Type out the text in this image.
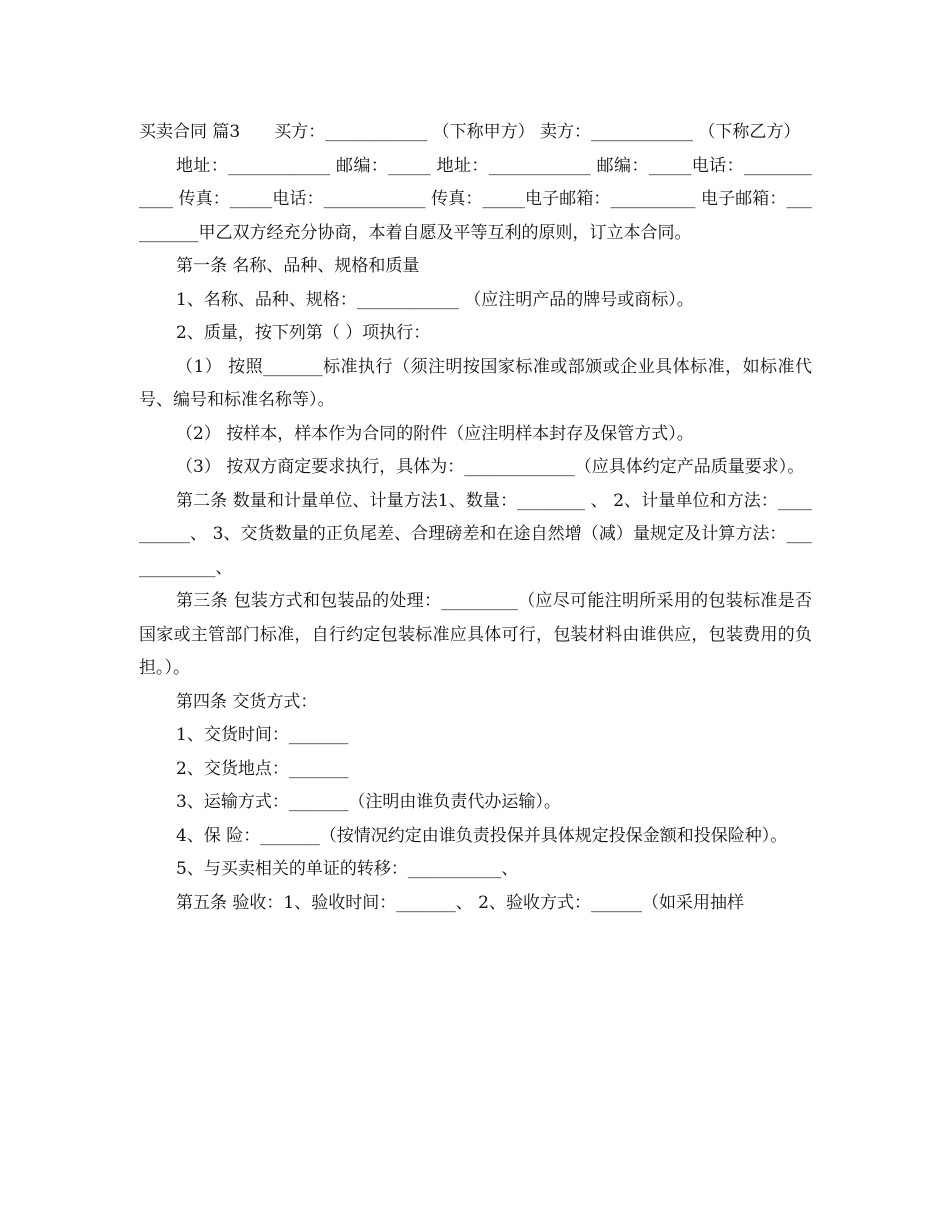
买卖合同 篇3　　买方：____________ （下称甲方） 卖方：____________ （下称乙方）

地址：____________ 邮编：_____ 地址：____________ 邮编：_____电话：____________ 传真：_____电话：____________ 传真：_____电子邮箱：__________ 电子邮箱：__________甲乙双方经充分协商，本着自愿及平等互利的原则，订立本合同。

第一条 名称、品种、规格和质量

1、名称、品种、规格：____________ （应注明产品的牌号或商标）。

2、质量，按下列第（ ）项执行：

（1） 按照_______标准执行（须注明按国家标准或部颁或企业具体标准，如标准代号、编号和标准名称等）。

（2） 按样本，样本作为合同的附件（应注明样本封存及保管方式）。

（3） 按双方商定要求执行，具体为：_____________（应具体约定产品质量要求）。

第二条 数量和计量单位、计量方法1、数量：________ 、 2、计量单位和方法：__________、 3、交货数量的正负尾差、合理磅差和在途自然增（减）量规定及计算方法：____________、

第三条 包装方式和包装品的处理：_________（应尽可能注明所采用的包装标准是否国家或主管部门标准，自行约定包装标准应具体可行，包装材料由谁供应，包装费用的负担。）。

第四条 交货方式：

1、交货时间：_______

2、交货地点：_______

3、运输方式：_______（注明由谁负责代办运输）。

4、保 险：_______（按情况约定由谁负责投保并具体规定投保金额和投保险种）。

5、与买卖相关的单证的转移：___________、

第五条 验收：1、验收时间：_______、 2、验收方式：______（如采用抽样
